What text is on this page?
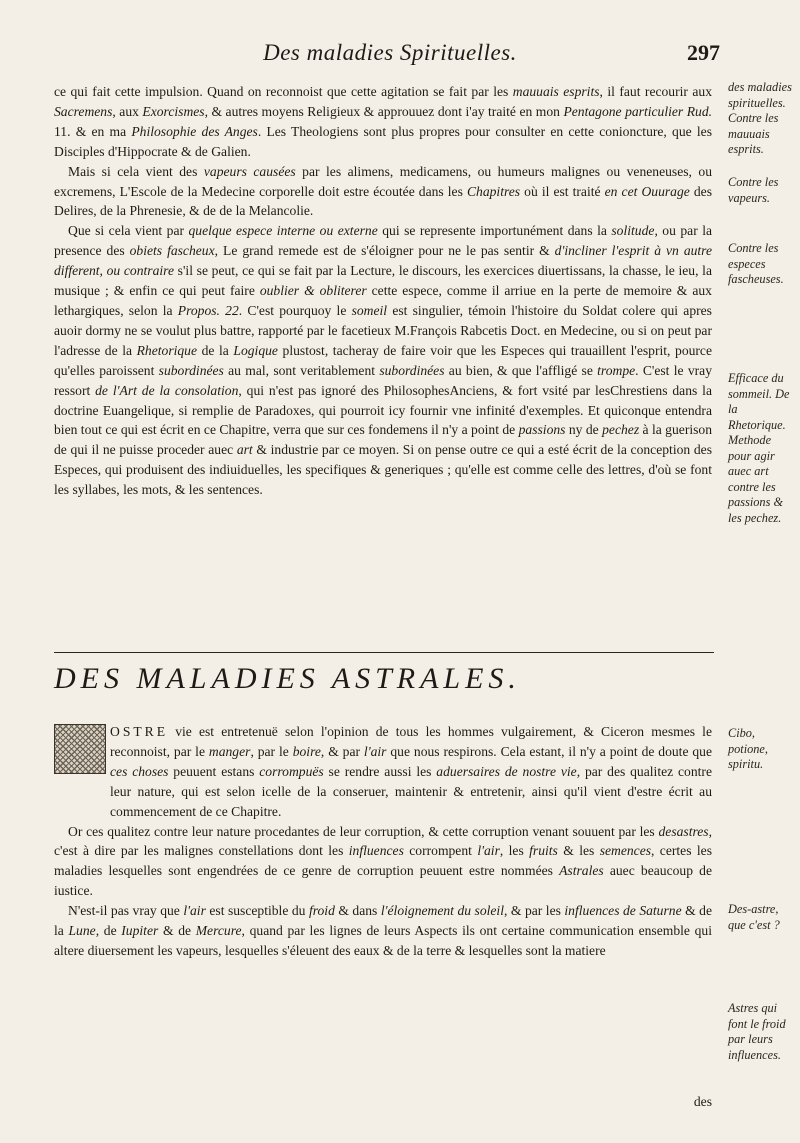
Des maladies Spirituelles.	297

ce qui fait cette impulsion. Quand on reconnoist que cette agitation se fait par les mauuais esprits, il faut recourir aux Sacremens, aux Exorcismes, & autres moyens Religieux & approuuez dont i'ay traité en mon Pentagone particulier Rud. 11. & en ma Philosophie des Anges. Les Theologiens sont plus propres pour consulter en cette conioncture, que les Disciples d'Hippocrate & de Galien.

Mais si cela vient des vapeurs causées par les alimens, medicamens, ou humeurs malignes ou veneneuses, ou excremens, L'Escole de la Medecine corporelle doit estre écoutée dans les Chapitres où il est traité en cet Ouurage des Delires, de la Phrenesie, & de de la Melancolie.

Que si cela vient par quelque espece interne ou externe qui se represente importunément dans la solitude, ou par la presence des obiets fascheux, Le grand remede est de s'éloigner pour ne le pas sentir & d'incliner l'esprit à vn autre different, ou contraire s'il se peut, ce qui se fait par la Lecture, le discours, les exercices diuertissans, la chasse, le ieu, la musique ; & enfin ce qui peut faire oublier & obliterer cette espece, comme il arriue en la perte de memoire & aux lethargiques, selon la Propos. 22. C'est pourquoy le someil est singulier, témoin l'histoire du Soldat colere qui apres auoir dormy ne se voulut plus battre, rapporté par le facetieux M.François Rabcetis Doct. en Medecine, ou si on peut par l'adresse de la Rhetorique de la Logique plustost, tacheray de faire voir que les Especes qui trauaillent l'esprit, pource qu'elles paroissent subordinées au mal, sont veritablement subordinées au bien, & que l'affligé se trompe. C'est le vray ressort de l'Art de la consolation, qui n'est pas ignoré des PhilosophesAnciens, & fort vsité par lesChrestiens dans la doctrine Euangelique, si remplie de Paradoxes, qui pourroit icy fournir vne infinité d'exemples. Et quiconque entendra bien tout ce qui est écrit en ce Chapitre, verra que sur ces fondemens il n'y a point de passions ny de pechez à la guerison de qui il ne puisse proceder auec art & industrie par ce moyen. Si on pense outre ce qui a esté écrit de la conception des Especes, qui produisent des indiuiduelles, les specifiques & generiques ; qu'elle est comme celle des lettres, d'où se font les syllabes, les mots, & les sentences.

des maladies spirituelles. Contre les mauuais esprits.
Contre les vapeurs.
Contre les especes fascheuses.
Efficace du sommeil. De la Rhetorique. Methode pour agir auec art contre les passions & les pechez.
DES MALADIES ASTRALES.

OSTRE vie est entretenuë selon l'opinion de tous les hommes vulgairement, & Ciceron mesmes le reconnoist, par le manger, par le boire, & par l'air que nous respirons. Cela estant, il n'y a point de doute que ces choses peuuent estans corrompuës se rendre aussi les aduersaires de nostre vie, par des qualitez contre leur nature, qui est selon icelle de la conseruer, maintenir & entretenir, ainsi qu'il vient d'estre écrit au commencement de ce Chapitre.

Or ces qualitez contre leur nature procedantes de leur corruption, & cette corruption venant souuent par les desastres, c'est à dire par les malignes constellations dont les influences corrompent l'air, les fruits & les semences, certes les maladies lesquelles sont engendrées de ce genre de corruption peuuent estre nommées Astrales auec beaucoup de iustice.

N'est-il pas vray que l'air est susceptible du froid & dans l'éloignement du soleil, & par les influences de Saturne & de la Lune, de Iupiter & de Mercure, quand par les lignes de leurs Aspects ils ont certaine communication ensemble qui altere diuersement les vapeurs, lesquelles s'éleuent des eaux & de la terre & lesquelles sont la matiere

Cibo, potione, spiritu.
Des-astre, que c'est ?
Astres qui font le froid par leurs influences.
des
